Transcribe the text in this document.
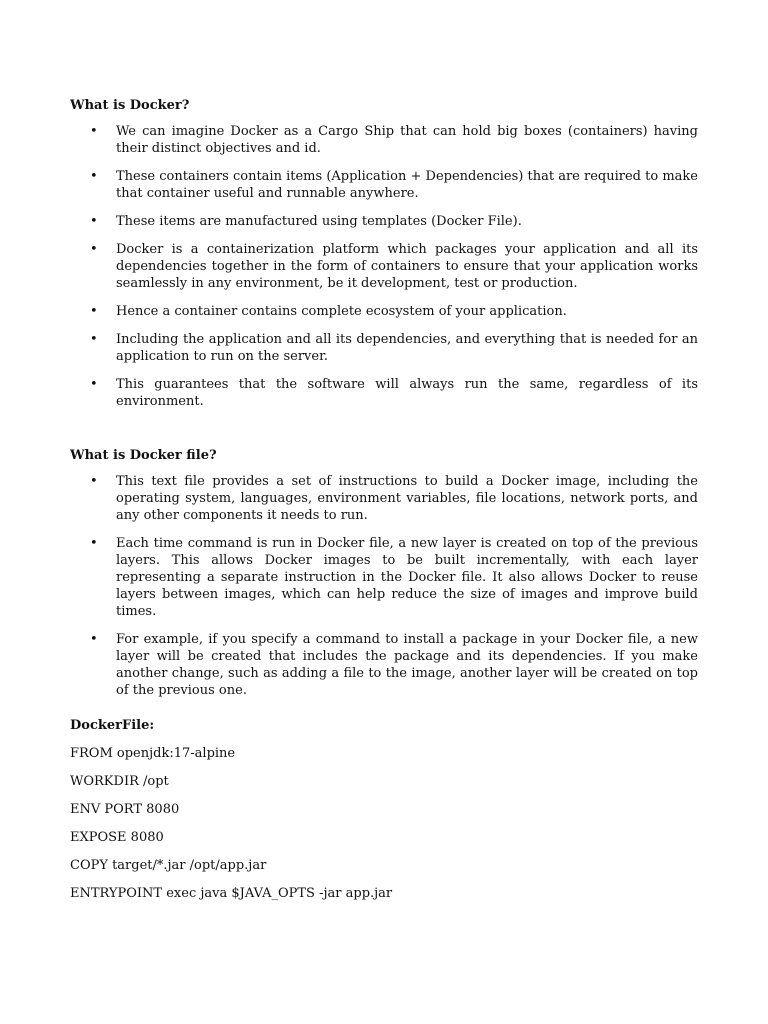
What is Docker?

• We can imagine Docker as a Cargo Ship that can hold big boxes (containers) having their distinct objectives and id.
• These containers contain items (Application + Dependencies) that are required to make that container useful and runnable anywhere.
• These items are manufactured using templates (Docker File).
• Docker is a containerization platform which packages your application and all its dependencies together in the form of containers to ensure that your application works seamlessly in any environment, be it development, test or production.
• Hence a container contains complete ecosystem of your application.
• Including the application and all its dependencies, and everything that is needed for an application to run on the server.
• This guarantees that the software will always run the same, regardless of its environment.

What is Docker file?

• This text file provides a set of instructions to build a Docker image, including the operating system, languages, environment variables, file locations, network ports, and any other components it needs to run.
• Each time command is run in Docker file, a new layer is created on top of the previous layers. This allows Docker images to be built incrementally, with each layer representing a separate instruction in the Docker file. It also allows Docker to reuse layers between images, which can help reduce the size of images and improve build times.
• For example, if you specify a command to install a package in your Docker file, a new layer will be created that includes the package and its dependencies. If you make another change, such as adding a file to the image, another layer will be created on top of the previous one.

DockerFile:

FROM openjdk:17-alpine

WORKDIR /opt

ENV PORT 8080

EXPOSE 8080

COPY target/*.jar /opt/app.jar

ENTRYPOINT exec java $JAVA_OPTS -jar app.jar
